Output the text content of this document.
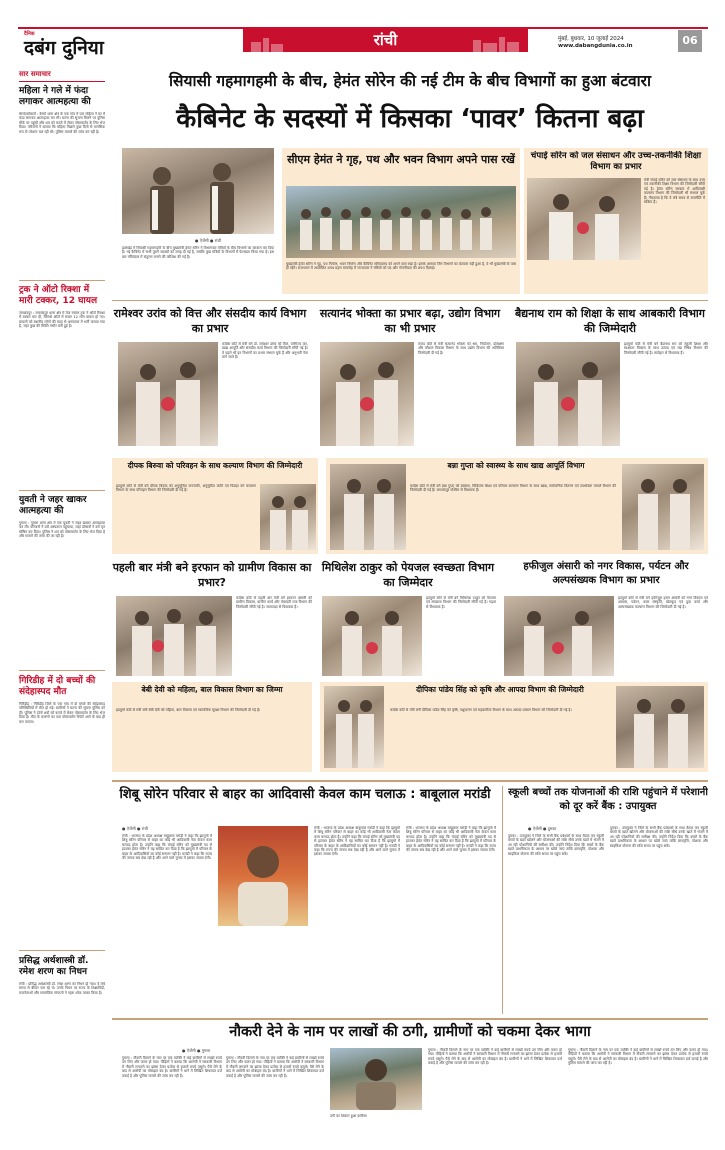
दैनिक
दबंग दुनिया	रांची	मुंबई, बुधवार, 10 जुलाई 2024
www.dabangdunia.co.in	06
सार समाचार
महिला ने गले में फंदा लगाकर आत्महत्या की
बेरमो/बोकारो : बेरमो थाना क्षेत्र के एक गांव में एक महिला ने घर में फंदा लगाकर आत्महत्या कर ली। घटना की सूचना मिलने पर पुलिस मौके पर पहुंची और शव को कब्जे में लेकर पोस्टमार्टम के लिए भेज दिया। परिजनों ने बताया कि महिला पिछले कुछ दिनों से मानसिक रूप से परेशान चल रही थी। पुलिस मामले की जांच कर रही है।
ट्रक ने ऑटो रिक्शा में मारी टक्कर, 12 घायल
जमशेदपुर : जमशेदपुर थाना क्षेत्र में तेज रफ्तार ट्रक ने ऑटो रिक्शा में टक्कर मार दी, जिससे ऑटो में सवार 12 लोग घायल हो गए। घायलों को स्थानीय लोगों की मदद से अस्पताल में भर्ती कराया गया है, जहां कुछ की स्थिति गंभीर बनी हुई है।
युवती ने जहर खाकर आत्महत्या की
गुमला : गुमला थाना क्षेत्र में एक युवती ने जहर खाकर आत्महत्या कर ली। परिजनों ने उसे अस्पताल पहुंचाया, जहां डॉक्टरों ने उसे मृत घोषित कर दिया। पुलिस ने शव को पोस्टमार्टम के लिए भेज दिया है और मामले की जांच की जा रही है।
गिरिडीह में दो बच्चों की संदेहास्पद मौत
गिरिडीह : गिरिडीह जिले के एक गांव में दो बच्चों की संदेहास्पद परिस्थितियों में मौत हो गई। ग्रामीणों ने घटना की सूचना पुलिस को दी। पुलिस ने दोनों शवों को कब्जे में लेकर पोस्टमार्टम के लिए भेज दिया है। मौत के कारणों का पता पोस्टमार्टम रिपोर्ट आने के बाद ही चल पाएगा।
प्रसिद्ध अर्थशास्त्री डॉ. रमेश शरण का निधन
रांची : प्रसिद्ध अर्थशास्त्री डॉ. रमेश शरण का निधन हो गया। वे लंबे समय से बीमार चल रहे थे। उनके निधन पर राज्य के शिक्षाविदों, राजनेताओं और सामाजिक संगठनों ने गहरा शोक व्यक्त किया है।
सियासी गहमागहमी के बीच, हेमंत सोरेन की नई टीम के बीच विभागों का हुआ बंटवारा
कैबिनेट के सदस्यों में किसका ‘पावर’ कितना बढ़ा
● ऐजेंसी ● रांची
झारखंड में सियासी गहमागहमी के बीच मुख्यमंत्री हेमंत सोरेन ने विभागवार मंत्रियों के बीच विभागों का बंटवारा कर दिया है। नई कैबिनेट में सभी पुराने सदस्यों को जगह दी गई है, जबकि कुछ मंत्रियों के विभागों में फेरबदल किया गया है। इस बार मंत्रिमंडल में संतुलन बनाने की कोशिश की गई है।
सीएम हेमंत ने गृह, पथ और भवन विभाग अपने पास रखें
मुख्यमंत्री हेमंत सोरेन ने गृह, पथ निर्माण, भवन निर्माण और कैबिनेट सचिवालय को अपने पास रखा है। इसके अलावा जिन विभागों का बंटवारा नहीं हुआ है, वे भी मुख्यमंत्री के पास ही रहेंगे। राजभवन में आयोजित शपथ ग्रहण समारोह में राज्यपाल ने मंत्रियों को पद और गोपनीयता की शपथ दिलाई।
चंपाई सोरेन को जल संसाधन और उच्च-तकनीकी शिक्षा विभाग का प्रभार
मंत्री चंपाई सोरेन को जल संसाधन के साथ उच्च एवं तकनीकी शिक्षा विभाग की जिम्मेदारी सौंपी गई है। हेमंत सोरेन सरकार में आदिवासी कल्याण विभाग की जिम्मेदारी भी संभाल चुके हैं। गौरतलब है कि वे लंबे समय से राजनीति में सक्रिय हैं।
रामेश्वर उरांव को वित्त और संसदीय कार्य विभाग का प्रभार
कांग्रेस कोटे से मंत्री बने डॉ. रामेश्वर उरांव को वित्त, वाणिज्य कर, खाद्य आपूर्ति और संसदीय कार्य विभाग की जिम्मेदारी सौंपी गई है। वे पहले भी इन विभागों का प्रभार संभाल चुके हैं और अनुभवी नेता माने जाते हैं।
सत्यानंद भोक्ता का प्रभार बढ़ा, उद्योग विभाग का भी प्रभार
राजद कोटे से मंत्री सत्यानंद भोक्ता को श्रम, नियोजन, प्रशिक्षण और कौशल विकास विभाग के साथ उद्योग विभाग की अतिरिक्त जिम्मेदारी दी गई है।
बैद्यनाथ राम को शिक्षा के साथ आबकारी विभाग की जिम्मेदारी
झामुमो कोटे से मंत्री बने बैद्यनाथ राम को स्कूली शिक्षा और साक्षरता विकास के साथ उत्पाद एवं मद्य निषेध विभाग की जिम्मेदारी सौंपी गई है। लातेहार से विधायक हैं।
दीपक बिरुवा को परिवहन के साथ कल्याण विभाग की जिम्मेदारी
झामुमो कोटे से मंत्री बने दीपक बिरुवा को अनुसूचित जनजाति, अनुसूचित जाति एवं पिछड़ा वर्ग कल्याण विभाग के साथ परिवहन विभाग की जिम्मेदारी दी गई है।
बन्ना गुप्ता को स्वास्थ्य के साथ खाद्य आपूर्ति विभाग
कांग्रेस कोटे से मंत्री बने बन्ना गुप्ता को स्वास्थ्य, चिकित्सा शिक्षा एवं परिवार कल्याण विभाग के साथ खाद्य, सार्वजनिक वितरण एवं उपभोक्ता मामले विभाग की जिम्मेदारी दी गई है। जमशेदपुर पश्चिम से विधायक हैं।
पहली बार मंत्री बने इरफान को ग्रामीण विकास का प्रभार?
कांग्रेस कोटे से पहली बार मंत्री बने इरफान अंसारी को ग्रामीण विकास, ग्रामीण कार्य और पंचायती राज विभाग की जिम्मेदारी सौंपी गई है। जामताड़ा से विधायक हैं।
मिथिलेश ठाकुर को पेयजल स्वच्छता विभाग का जिम्मेदार
झामुमो कोटे से मंत्री बने मिथिलेश ठाकुर को पेयजल एवं स्वच्छता विभाग की जिम्मेदारी सौंपी गई है। गढ़वा से विधायक हैं।
हफीजुल अंसारी को नगर विकास, पर्यटन और अल्पसंख्यक विभाग का प्रभार
झामुमो कोटे से मंत्री बने हफीजुल हसन अंसारी को नगर विकास एवं आवास, पर्यटन, कला संस्कृति, खेलकूद एवं युवा कार्य और अल्पसंख्यक कल्याण विभाग की जिम्मेदारी दी गई है।
बेबी देवी को महिला, बाल विकास विभाग का जिम्मा
झामुमो कोटे से मंत्री बनी बेबी देवी को महिला, बाल विकास एवं सामाजिक सुरक्षा विभाग की जिम्मेदारी दी गई है।
दीपिका पांडेय सिंह को कृषि और आपदा विभाग की जिम्मेदारी
कांग्रेस कोटे से मंत्री बनीं दीपिका पांडेय सिंह को कृषि, पशुपालन एवं सहकारिता विभाग के साथ आपदा प्रबंधन विभाग की जिम्मेदारी दी गई है।
शिबू सोरेन परिवार से बाहर का आदिवासी केवल काम चलाऊ : बाबूलाल मरांडी
● ऐजेंसी ● रांची
रांची : भाजपा के प्रदेश अध्यक्ष बाबूलाल मरांडी ने कहा कि झामुमो में शिबू सोरेन परिवार से बाहर का कोई भी आदिवासी नेता केवल काम चलाऊ होता है। उन्होंने कहा कि चंपाई सोरेन को मुख्यमंत्री पद से हटाकर हेमंत सोरेन ने यह साबित कर दिया है कि झामुमो में परिवार के बाहर के आदिवासियों का कोई सम्मान नहीं है। मरांडी ने कहा कि राज्य की जनता सब देख रही है और आने वाले चुनाव में इसका जवाब देगी।
रांची : भाजपा के प्रदेश अध्यक्ष बाबूलाल मरांडी ने कहा कि झामुमो में शिबू सोरेन परिवार से बाहर का कोई भी आदिवासी नेता केवल काम चलाऊ होता है। उन्होंने कहा कि चंपाई सोरेन को मुख्यमंत्री पद से हटाकर हेमंत सोरेन ने यह साबित कर दिया है कि झामुमो में परिवार के बाहर के आदिवासियों का कोई सम्मान नहीं है। मरांडी ने कहा कि राज्य की जनता सब देख रही है और आने वाले चुनाव में इसका जवाब देगी।
रांची : भाजपा के प्रदेश अध्यक्ष बाबूलाल मरांडी ने कहा कि झामुमो में शिबू सोरेन परिवार से बाहर का कोई भी आदिवासी नेता केवल काम चलाऊ होता है। उन्होंने कहा कि चंपाई सोरेन को मुख्यमंत्री पद से हटाकर हेमंत सोरेन ने यह साबित कर दिया है कि झामुमो में परिवार के बाहर के आदिवासियों का कोई सम्मान नहीं है। मरांडी ने कहा कि राज्य की जनता सब देख रही है और आने वाले चुनाव में इसका जवाब देगी।
स्कूली बच्चों तक योजनाओं की राशि पहुंचाने में परेशानी को दूर करें बैंक : उपायुक्त
● ऐजेंसी ● दुमका
दुमका : उपायुक्त ने जिले के सभी बैंक प्रबंधकों के साथ बैठक कर स्कूली बच्चों के खाते खोलने और योजनाओं की राशि सीधे उनके खाते में भेजने में आ रही परेशानियों की समीक्षा की। उन्होंने निर्देश दिया कि बच्चों के बैंक खाते प्राथमिकता के आधार पर खोले जाएं ताकि छात्रवृत्ति, पोशाक और साइकिल योजना की राशि समय पर पहुंच सके।
दुमका : उपायुक्त ने जिले के सभी बैंक प्रबंधकों के साथ बैठक कर स्कूली बच्चों के खाते खोलने और योजनाओं की राशि सीधे उनके खाते में भेजने में आ रही परेशानियों की समीक्षा की। उन्होंने निर्देश दिया कि बच्चों के बैंक खाते प्राथमिकता के आधार पर खोले जाएं ताकि छात्रवृत्ति, पोशाक और साइकिल योजना की राशि समय पर पहुंच सके।
नौकरी देने के नाम पर लाखों की ठगी, ग्रामीणों को चकमा देकर भागा
● ऐजेंसी ● गुमला
गुमला : नौकरी दिलाने के नाम पर एक व्यक्ति ने कई ग्रामीणों से लाखों रुपये ठग लिए और फरार हो गया। पीड़ितों ने बताया कि आरोपी ने सरकारी विभाग में नौकरी लगवाने का झांसा देकर प्रत्येक से हजारों रुपये वसूले। पैसे लेने के बाद से आरोपी का मोबाइल बंद है। ग्रामीणों ने थाने में लिखित शिकायत दर्ज कराई है और पुलिस मामले की जांच कर रही है।
गुमला : नौकरी दिलाने के नाम पर एक व्यक्ति ने कई ग्रामीणों से लाखों रुपये ठग लिए और फरार हो गया। पीड़ितों ने बताया कि आरोपी ने सरकारी विभाग में नौकरी लगवाने का झांसा देकर प्रत्येक से हजारों रुपये वसूले। पैसे लेने के बाद से आरोपी का मोबाइल बंद है। ग्रामीणों ने थाने में लिखित शिकायत दर्ज कराई है और पुलिस मामले की जांच कर रही है।
ठगी का शिकार हुआ ग्रामीण।
गुमला : नौकरी दिलाने के नाम पर एक व्यक्ति ने कई ग्रामीणों से लाखों रुपये ठग लिए और फरार हो गया। पीड़ितों ने बताया कि आरोपी ने सरकारी विभाग में नौकरी लगवाने का झांसा देकर प्रत्येक से हजारों रुपये वसूले। पैसे लेने के बाद से आरोपी का मोबाइल बंद है। ग्रामीणों ने थाने में लिखित शिकायत दर्ज कराई है और पुलिस मामले की जांच कर रही है।
गुमला : नौकरी दिलाने के नाम पर एक व्यक्ति ने कई ग्रामीणों से लाखों रुपये ठग लिए और फरार हो गया। पीड़ितों ने बताया कि आरोपी ने सरकारी विभाग में नौकरी लगवाने का झांसा देकर प्रत्येक से हजारों रुपये वसूले। पैसे लेने के बाद से आरोपी का मोबाइल बंद है। ग्रामीणों ने थाने में लिखित शिकायत दर्ज कराई है और पुलिस मामले की जांच कर रही है।
